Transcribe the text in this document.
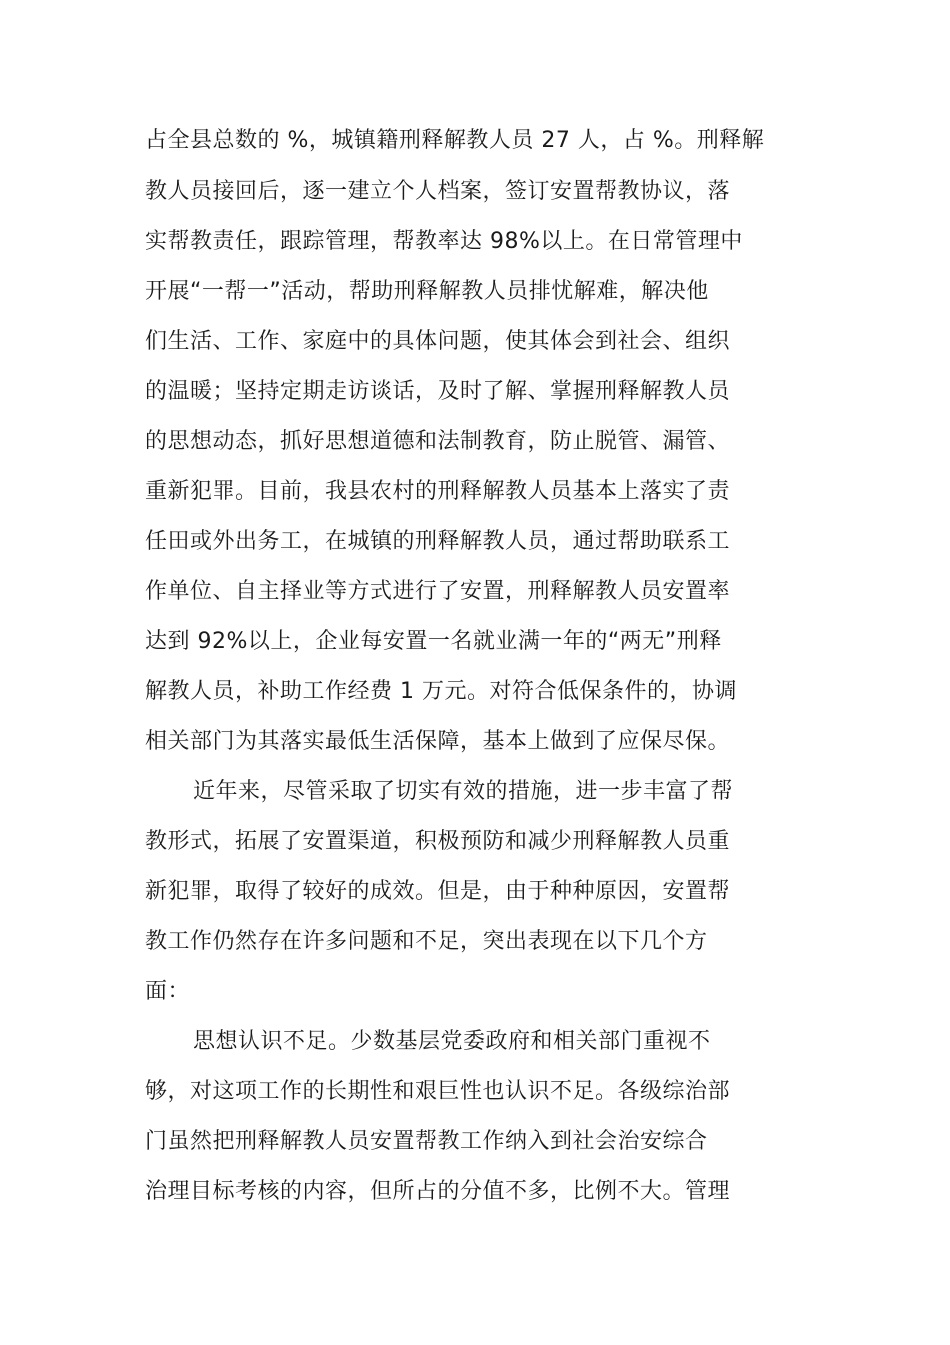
占全县总数的 %，城镇籍刑释解教人员 27 人，占 %。刑释解

教人员接回后，逐一建立个人档案，签订安置帮教协议，落

实帮教责任，跟踪管理，帮教率达 98%以上。在日常管理中

开展“一帮一”活动，帮助刑释解教人员排忧解难，解决他

们生活、工作、家庭中的具体问题，使其体会到社会、组织

的温暖；坚持定期走访谈话，及时了解、掌握刑释解教人员

的思想动态，抓好思想道德和法制教育，防止脱管、漏管、

重新犯罪。目前，我县农村的刑释解教人员基本上落实了责

任田或外出务工，在城镇的刑释解教人员，通过帮助联系工

作单位、自主择业等方式进行了安置，刑释解教人员安置率

达到 92%以上，企业每安置一名就业满一年的“两无”刑释

解教人员，补助工作经费 1 万元。对符合低保条件的，协调

相关部门为其落实最低生活保障，基本上做到了应保尽保。

近年来，尽管采取了切实有效的措施，进一步丰富了帮

教形式，拓展了安置渠道，积极预防和减少刑释解教人员重

新犯罪，取得了较好的成效。但是，由于种种原因，安置帮

教工作仍然存在许多问题和不足，突出表现在以下几个方

面：

思想认识不足。少数基层党委政府和相关部门重视不

够，对这项工作的长期性和艰巨性也认识不足。各级综治部

门虽然把刑释解教人员安置帮教工作纳入到社会治安综合

治理目标考核的内容，但所占的分值不多，比例不大。管理
